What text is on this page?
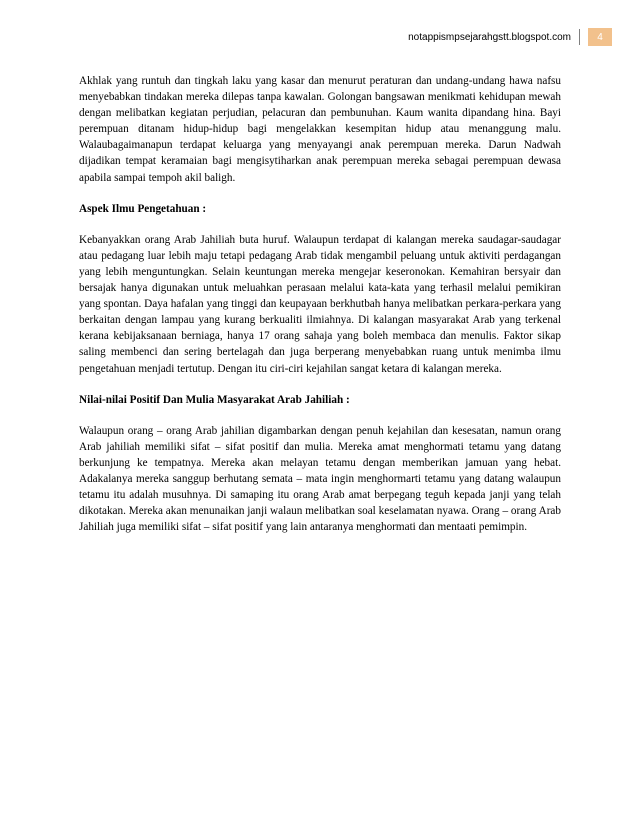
notappismpsejarahgstt.blogspot.com	4

Akhlak yang runtuh dan tingkah laku yang kasar dan menurut peraturan dan undang-undang hawa nafsu menyebabkan tindakan mereka dilepas tanpa kawalan. Golongan bangsawan menikmati kehidupan mewah dengan melibatkan kegiatan perjudian, pelacuran dan pembunuhan. Kaum wanita dipandang hina. Bayi perempuan ditanam hidup-hidup bagi mengelakkan kesempitan hidup atau menanggung malu. Walaubagaimanapun terdapat keluarga yang menyayangi anak perempuan mereka. Darun Nadwah dijadikan tempat keramaian bagi mengisytiharkan anak perempuan mereka sebagai perempuan dewasa apabila sampai tempoh akil baligh.

Aspek Ilmu Pengetahuan :

Kebanyakkan orang Arab Jahiliah buta huruf. Walaupun terdapat di kalangan mereka saudagar-saudagar atau pedagang luar lebih maju tetapi pedagang Arab tidak mengambil peluang untuk aktiviti perdagangan yang lebih menguntungkan. Selain keuntungan mereka mengejar keseronokan. Kemahiran bersyair dan bersajak hanya digunakan untuk meluahkan perasaan melalui kata-kata yang terhasil melalui pemikiran yang spontan. Daya hafalan yang tinggi dan keupayaan berkhutbah hanya melibatkan perkara-perkara yang berkaitan dengan lampau yang kurang berkualiti ilmiahnya. Di kalangan masyarakat Arab yang terkenal kerana kebijaksanaan berniaga, hanya 17 orang sahaja yang boleh membaca dan menulis. Faktor sikap saling membenci dan sering bertelagah dan juga berperang menyebabkan ruang untuk menimba ilmu pengetahuan menjadi tertutup. Dengan itu ciri-ciri kejahilan sangat ketara di kalangan mereka.

Nilai-nilai Positif Dan Mulia Masyarakat Arab Jahiliah :

Walaupun orang – orang Arab jahilian digambarkan dengan penuh kejahilan dan kesesatan, namun orang Arab jahiliah memiliki sifat – sifat positif dan mulia. Mereka amat menghormati tetamu yang datang berkunjung ke tempatnya. Mereka akan melayan tetamu dengan memberikan jamuan yang hebat. Adakalanya mereka sanggup berhutang semata – mata ingin menghormarti tetamu yang datang walaupun tetamu itu adalah musuhnya. Di samaping itu orang Arab amat berpegang teguh kepada janji yang telah dikotakan. Mereka akan menunaikan janji walaun melibatkan soal keselamatan nyawa. Orang – orang Arab Jahiliah juga memiliki sifat – sifat positif yang lain antaranya menghormati dan mentaati pemimpin.
